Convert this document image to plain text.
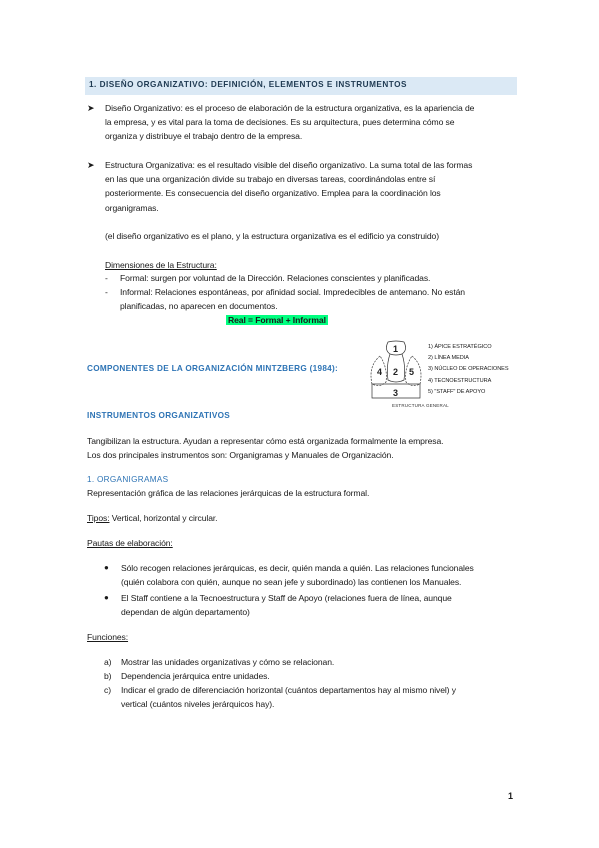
1. DISEÑO ORGANIZATIVO: DEFINICIÓN, ELEMENTOS E INSTRUMENTOS
➤	Diseño Organizativo: es el proceso de elaboración de la estructura organizativa, es la apariencia de
la empresa, y es vital para la toma de decisiones. Es su arquitectura, pues determina cómo se
organiza y distribuye el trabajo dentro de la empresa.
➤	Estructura Organizativa: es el resultado visible del diseño organizativo. La suma total de las formas
en las que una organización divide su trabajo en diversas tareas, coordinándolas entre sí
posteriormente. Es consecuencia del diseño organizativo. Emplea para la coordinación los
organigramas.
(el diseño organizativo es el plano, y la estructura organizativa es el edificio ya construido)
Dimensiones de la Estructura:
- Formal: surgen por voluntad de la Dirección. Relaciones conscientes y planificadas.
- Informal: Relaciones espontáneas, por afinidad social. Impredecibles de antemano. No están
planificadas, no aparecen en documentos.
Real = Formal + Informal
COMPONENTES DE LA ORGANIZACIÓN MINTZBERG (1984):
1
4 2 5
3
1) ÁPICE ESTRATÉGICO
2) LÍNEA MEDIA
3) NÚCLEO DE OPERACIONES
4) TECNOESTRUCTURA
5) "STAFF" DE APOYO
ESTRUCTURA GENERAL
INSTRUMENTOS ORGANIZATIVOS
Tangibilizan la estructura. Ayudan a representar cómo está organizada formalmente la empresa.
Los dos principales instrumentos son: Organigramas y Manuales de Organización.
1. ORGANIGRAMAS
Representación gráfica de las relaciones jerárquicas de la estructura formal.
Tipos: Vertical, horizontal y circular.
Pautas de elaboración:
●	Sólo recogen relaciones jerárquicas, es decir, quién manda a quién. Las relaciones funcionales
(quién colabora con quién, aunque no sean jefe y subordinado) las contienen los Manuales.
●	El Staff contiene a la Tecnoestructura y Staff de Apoyo (relaciones fuera de línea, aunque
dependan de algún departamento)
Funciones:
a) Mostrar las unidades organizativas y cómo se relacionan.
b) Dependencia jerárquica entre unidades.
c) Indicar el grado de diferenciación horizontal (cuántos departamentos hay al mismo nivel) y
vertical (cuántos niveles jerárquicos hay).
1
